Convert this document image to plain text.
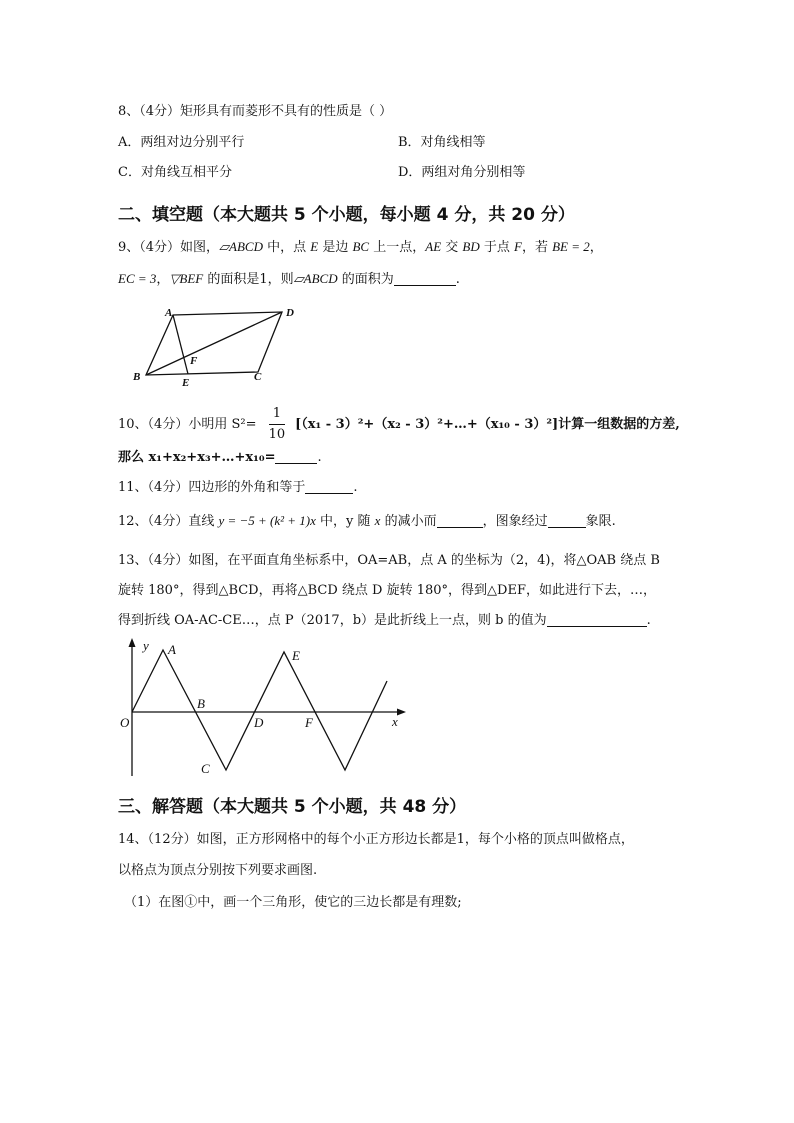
8、（4分）矩形具有而菱形不具有的性质是（ ）
A．两组对边分别平行	B．对角线相等
C．对角线互相平分	D．两组对角分别相等
二、填空题（本大题共 5 个小题，每小题 4 分，共 20 分）
9、（4分）如图，▱ABCD 中，点 E 是边 BC 上一点，AE 交 BD 于点 F，若 BE = 2，
EC = 3，▽BEF 的面积是1，则▱ABCD 的面积为	.
A	D
F
B	E	C
10、（4分）小明用 $S^2= \frac{1}{10} [(x_1 - 3)^2+(x_2$ - 3）²+…+（x₁₀ - 3）²]计算一组数据的方差,
那么 x₁+x₂+x₃+…+x₁₀=	.
11、（4分）四边形的外角和等于	.
12、（4分）直线 y = −5 + (k² + 1)x 中，y 随 x 的减小而	，图象经过	象限.
13、（4分）如图，在平面直角坐标系中，OA=AB，点 A 的坐标为（2，4)，将△OAB 绕点 B
旋转 180°，得到△BCD，再将△BCD 绕点 D 旋转 180°，得到△DEF，如此进行下去，…，
得到折线 OA-AC-CE…，点 P（2017，b）是此折线上一点，则 b 的值为	.
y A	E
B
O	D	F	x
C
三、解答题（本大题共 5 个小题，共 48 分）
14、（12分）如图，正方形网格中的每个小正方形边长都是1，每个小格的顶点叫做格点，
以格点为顶点分别按下列要求画图.
（1）在图①中，画一个三角形，使它的三边长都是有理数;
